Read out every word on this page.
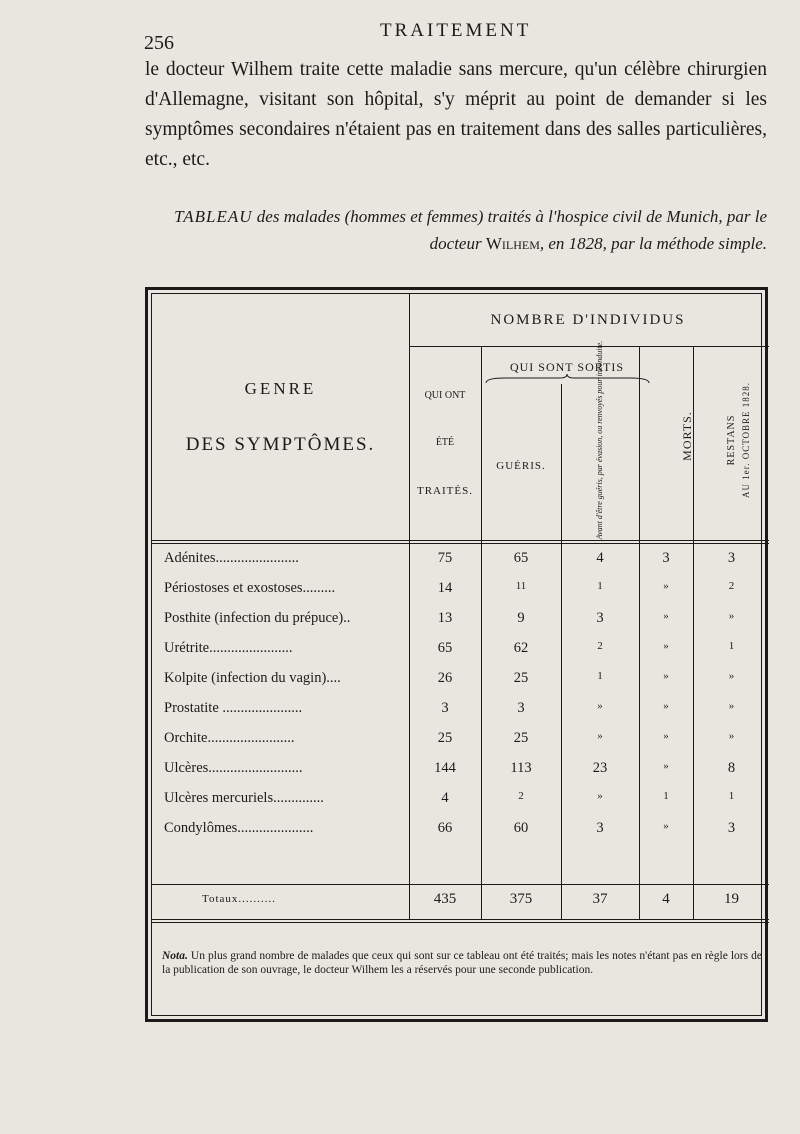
256
TRAITEMENT

le docteur Wilhem traite cette maladie sans mercure, qu'un célèbre chirurgien d'Allemagne, visitant son hôpital, s'y méprit au point de demander si les symptômes secondaires n'étaient pas en traitement dans des salles particulières, etc., etc.

TABLEAU des malades (hommes et femmes) traités à l'hospice civil de Munich, par le docteur Wilhem, en 1828, par la méthode simple.

GENRE
DES SYMPTÔMES.
NOMBRE D'INDIVIDUS
QUI SONT SORTIS
QUI ONT
ÉTÉ
TRAITÉS.
GUÉRIS.	Avant d'être guéris, par évasion, ou renvoyés pour inconduite.	MORTS.	RESTANS AU 1er. OCTOBRE 1828.
Adénites.......................	75	65	4	3	3
Périostoses et exostoses.........	14	11	1	»	2
Posthite (infection du prépuce)..	13	9	3	»	»
Urétrite.......................	65	62	2	»	1
Kolpite (infection du vagin)....	26	25	1	»	»
Prostatite ......................	3	3	»	»	»
Orchite........................	25	25	»	»	»
Ulcères..........................	144	113	23	»	8
Ulcères mercuriels..............	4	2	»	1	1
Condylômes.....................	66	60	3	»	3
Totaux..........	435	375	37	4	19
Nota. Un plus grand nombre de malades que ceux qui sont sur ce tableau ont été traités; mais les notes n'étant pas en règle lors de la publication de son ouvrage, le docteur Wilhem les a réservés pour une seconde publication.
